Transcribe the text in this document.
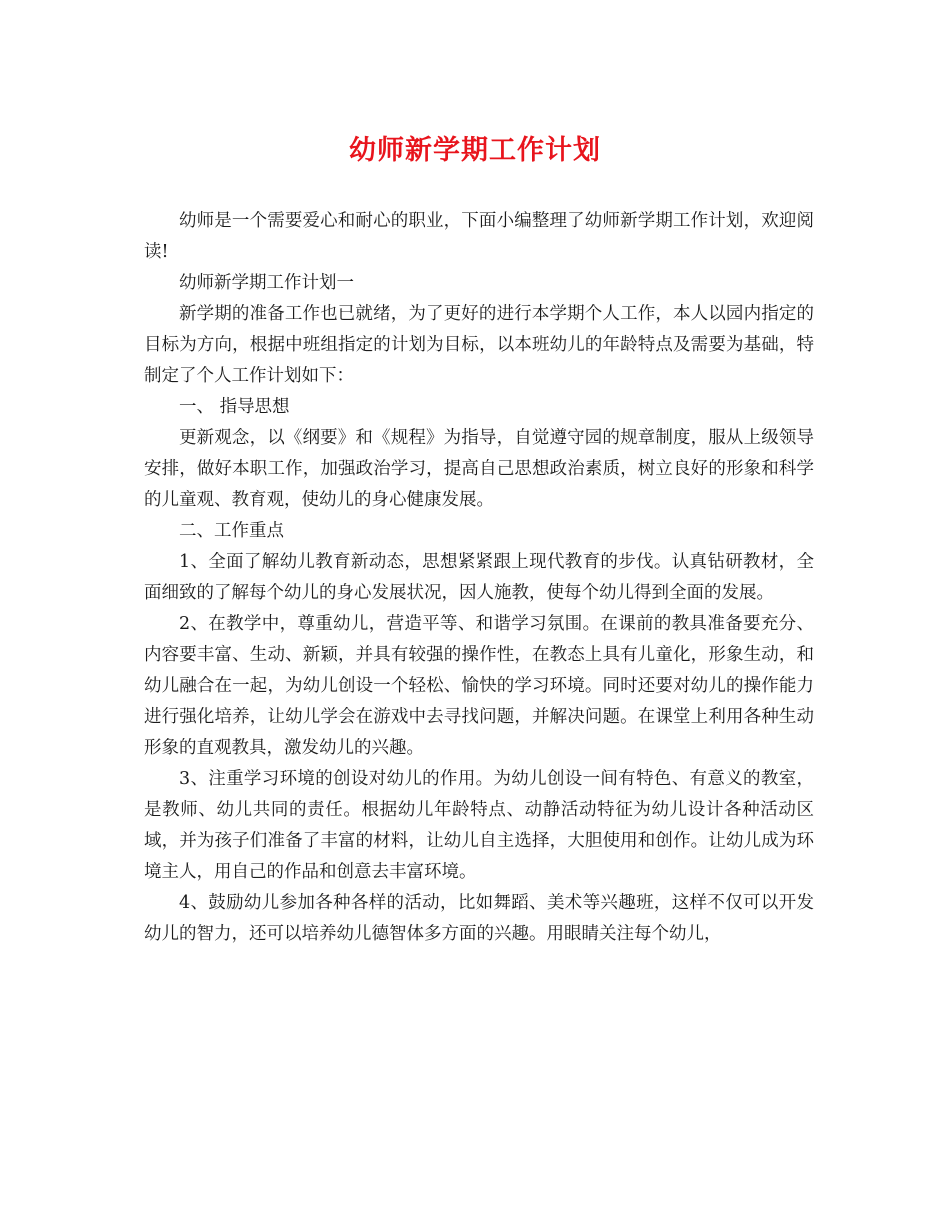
幼师新学期工作计划

幼师是一个需要爱心和耐心的职业，下面小编整理了幼师新学期工作计划，欢迎阅读!

幼师新学期工作计划一

新学期的准备工作也已就绪，为了更好的进行本学期个人工作，本人以园内指定的目标为方向，根据中班组指定的计划为目标，以本班幼儿的年龄特点及需要为基础，特制定了个人工作计划如下：

一、 指导思想

更新观念，以《纲要》和《规程》为指导，自觉遵守园的规章制度，服从上级领导安排，做好本职工作，加强政治学习，提高自己思想政治素质，树立良好的形象和科学的儿童观、教育观，使幼儿的身心健康发展。

二、工作重点

1、全面了解幼儿教育新动态，思想紧紧跟上现代教育的步伐。认真钻研教材，全面细致的了解每个幼儿的身心发展状况，因人施教，使每个幼儿得到全面的发展。

2、在教学中，尊重幼儿，营造平等、和谐学习氛围。在课前的教具准备要充分、内容要丰富、生动、新颖，并具有较强的操作性，在教态上具有儿童化，形象生动，和幼儿融合在一起，为幼儿创设一个轻松、愉快的学习环境。同时还要对幼儿的操作能力进行强化培养，让幼儿学会在游戏中去寻找问题，并解决问题。在课堂上利用各种生动形象的直观教具，激发幼儿的兴趣。

3、注重学习环境的创设对幼儿的作用。为幼儿创设一间有特色、有意义的教室，是教师、幼儿共同的责任。根据幼儿年龄特点、动静活动特征为幼儿设计各种活动区域，并为孩子们准备了丰富的材料，让幼儿自主选择，大胆使用和创作。让幼儿成为环境主人，用自己的作品和创意去丰富环境。

4、鼓励幼儿参加各种各样的活动，比如舞蹈、美术等兴趣班，这样不仅可以开发幼儿的智力，还可以培养幼儿德智体多方面的兴趣。用眼睛关注每个幼儿，
